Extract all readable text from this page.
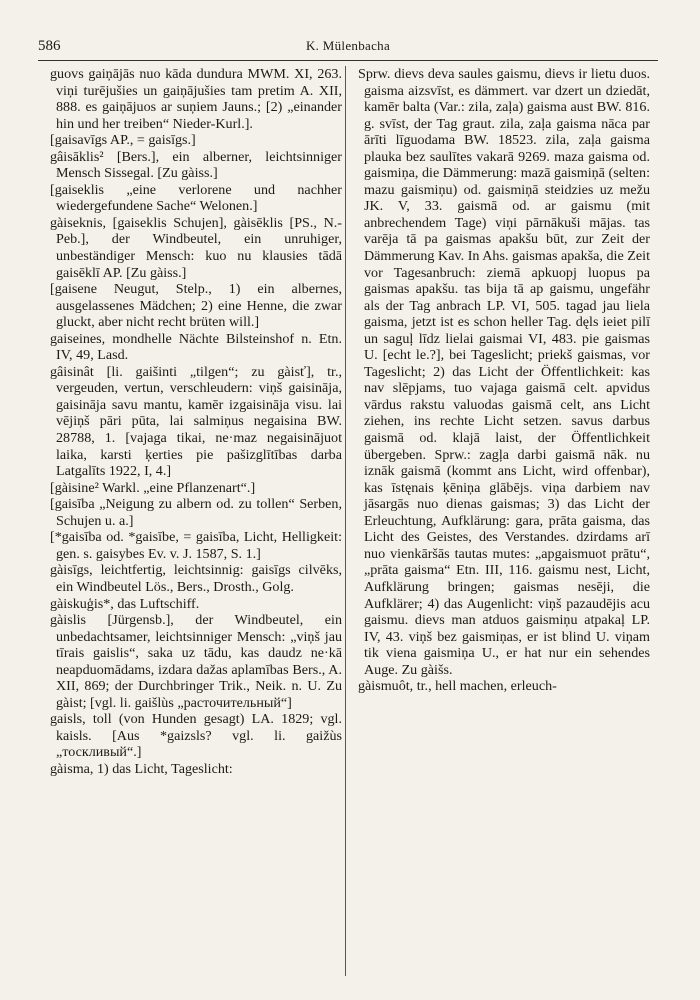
586	K. Mülenbacha

guovs gaiņājās nuo kāda dundura MWM. XI, 263. viņi turējušies un gaiņājušies tam pretim A. XII, 888. es gaiņājuos ar suņiem Jauns.; [2) „einander hin und her treiben“ Nieder-Kurl.].

[gaisavīgs AP., = gaisīgs.]

gâisāklis² [Bers.], ein alberner, leichtsinniger Mensch Sissegal. [Zu gàiss.]

[gaiseklis „eine verlorene und nachher wiedergefundene Sache“ Welonen.]

gàiseknis, [gaiseklis Schujen], gàisēklis [PS., N.-Peb.], der Windbeutel, ein unruhiger, unbeständiger Mensch: kuo nu klausies tādā gaisēklī AP. [Zu gàiss.]

[gaisene Neugut, Stelp., 1) ein albernes, ausgelassenes Mädchen; 2) eine Henne, die zwar gluckt, aber nicht recht brüten will.]

gaiseines, mondhelle Nächte Bilsteinshof n. Etn. IV, 49, Lasd.

gâisinât [li. gaišinti „tilgen“; zu gàisť], tr., vergeuden, vertun, verschleudern: viņš gaisināja, gaisināja savu mantu, kamēr izgaisināja visu. lai vējiņš pāri pūta, lai salmiņus negaisina BW. 28788, 1. [vajaga tikai, ne·maz negaisinājuot laika, karsti ķerties pie pašizglītības darba Latgalīts 1922, I, 4.]

[gàisine² Warkl. „eine Pflanzenart“.]

[gaisība „Neigung zu albern od. zu tollen“ Serben, Schujen u. a.]

[*gaisība od. *gaisībe, = gaisība, Licht, Helligkeit: gen. s. gaisybes Ev. v. J. 1587, S. 1.]

gàisīgs, leichtfertig, leichtsinnig: gaisīgs cilvēks, ein Windbeutel Lös., Bers., Drosth., Golg.

gàiskuģis*, das Luftschiff.

gàislis [Jürgensb.], der Windbeutel, ein unbedachtsamer, leichtsinniger Mensch: „viņš jau tīrais gaislis“, saka uz tādu, kas daudz ne·kā neapduomādams, izdara dažas aplamības Bers., A. XII, 869; der Durchbringer Trik., Neik. n. U. Zu gàist; [vgl. li. gaišlùs „расточительный“]

gaisls, toll (von Hunden gesagt) LA. 1829; vgl. kaisls. [Aus *gaizsls? vgl. li. gaižùs „тоскливый“.]

gàisma, 1) das Licht, Tageslicht:

Sprw. dievs deva saules gaismu, dievs ir lietu duos. gaisma aizsvīst, es dämmert. var dzert un dziedāt, kamēr balta (Var.: zila, zaļa) gaisma aust BW. 816. g. svīst, der Tag graut. zila, zaļa gaisma nāca par ārīti līguodama BW. 18523. zila, zaļa gaisma plauka bez saulītes vakarā 9269. maza gaisma od. gaismiņa, die Dämmerung: mazā gaismiņā (selten: mazu gaismiņu) od. gaismiņā steidzies uz mežu JK. V, 33. gaismā od. ar gaismu (mit anbrechendem Tage) viņi pārnākuši mājas. tas varēja tā pa gaismas apakšu būt, zur Zeit der Dämmerung Kav. In Ahs. gaismas apakša, die Zeit vor Tagesanbruch: ziemā apkuopj luopus pa gaismas apakšu. tas bija tā ap gaismu, ungefähr als der Tag anbrach LP. VI, 505. tagad jau liela gaisma, jetzt ist es schon heller Tag. dęls ieiet pilī un saguļ līdz lielai gaismai VI, 483. pie gaismas U. [echt le.?], bei Tageslicht; priekš gaismas, vor Tageslicht; 2) das Licht der Öffentlichkeit: kas nav slēpjams, tuo vajaga gaismā celt. apvidus vārdus rakstu valuodas gaismā celt, ans Licht ziehen, ins rechte Licht setzen. savus darbus gaismā od. klajā laist, der Öffentlichkeit übergeben. Sprw.: zagļa darbi gaismā nāk. nu iznāk gaismā (kommt ans Licht, wird offenbar), kas īstęnais ķēniņa glābējs. viņa darbiem nav jāsargās nuo dienas gaismas; 3) das Licht der Erleuchtung, Aufklärung: gara, prāta gaisma, das Licht des Geistes, des Verstandes. dzirdams arī nuo vienkāršās tautas mutes: „apgaismuot prātu“, „prāta gaisma“ Etn. III, 116. gaismu nest, Licht, Aufklärung bringen; gaismas nesēji, die Aufklärer; 4) das Augenlicht: viņš pazaudējis acu gaismu. dievs man atduos gaismiņu atpakaļ LP. IV, 43. viņš bez gaismiņas, er ist blind U. viņam tik viena gaismiņa U., er hat nur ein sehendes Auge. Zu gàišs.

gàismuôt, tr., hell machen, erleuch-
